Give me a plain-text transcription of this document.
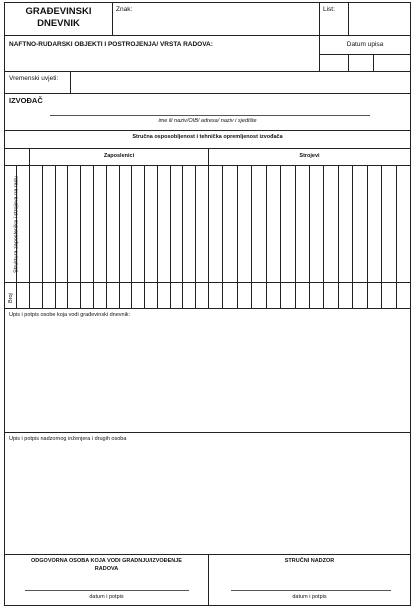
GRAĐEVINSKI
DNEVNIK
Znak:	List:
NAFTNO-RUDARSKI OBJEKTI I POSTROJENJA/ VRSTA RADOVA:	Datum upisa
Vremenski uvjeti:
IZVOĐAČ
ime ili naziv/OIB/ adresa/ naziv i sjedište
Stručna osposobljenost i tehnička opremljenost izvođača
Zaposlenici	Strojevi
Struktura zaposlenika i strojeva na radu
Broj
Upis i potpis osobe koja vodi građevinski dnevnik:
Upis i potpis nadzornog inženjera i drugih osoba
ODGOVORNA OSOBA KOJA VODI GRADNJU/IZVOĐENJE
RADOVA
STRUČNI NADZOR
datum i potpis	datum i potpis
